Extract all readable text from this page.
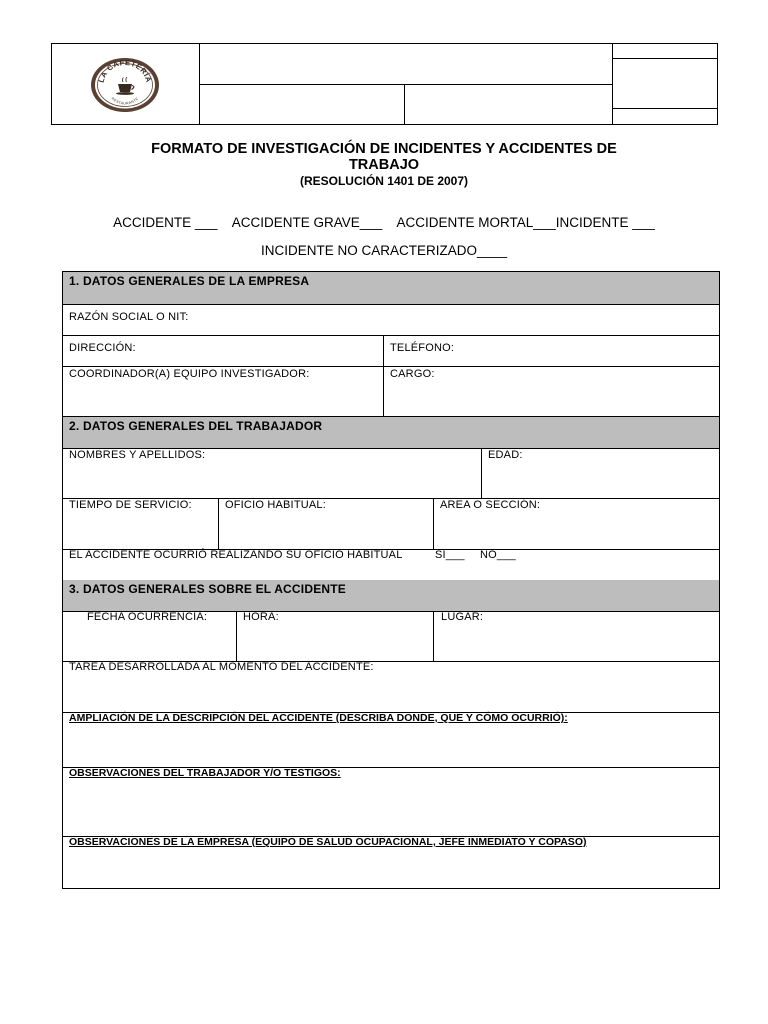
LA CAFETERÍA
RESTAURANTE
FORMATO DE INVESTIGACIÓN DE INCIDENTES Y ACCIDENTES DE
TRABAJO
(RESOLUCIÓN 1401 DE 2007)
ACCIDENTE ___    ACCIDENTE GRAVE___    ACCIDENTE MORTAL___INCIDENTE ___
INCIDENTE NO CARACTERIZADO____
1. DATOS GENERALES DE LA EMPRESA
RAZÓN SOCIAL O NIT:
DIRECCIÓN:	TELÉFONO:
COORDINADOR(A) EQUIPO INVESTIGADOR:	CARGO:
2. DATOS GENERALES DEL TRABAJADOR
NOMBRES Y APELLIDOS:	EDAD:
TIEMPO DE SERVICIO:	OFICIO HABITUAL:	AREA O SECCIÓN:
EL ACCIDENTE OCURRIÓ REALIZANDO SU OFICIO HABITUAL	SI___ NO___
3. DATOS GENERALES SOBRE EL ACCIDENTE
FECHA OCURRENCIA:	HORA:	LUGAR:
TAREA DESARROLLADA AL MOMENTO DEL ACCIDENTE:
AMPLIACIÓN DE LA DESCRIPCIÓN DEL ACCIDENTE (DESCRIBA DONDE, QUE Y CÓMO OCURRIÓ):
OBSERVACIONES DEL TRABAJADOR Y/O TESTIGOS:
OBSERVACIONES DE LA EMPRESA (EQUIPO DE SALUD OCUPACIONAL, JEFE INMEDIATO Y COPASO)
